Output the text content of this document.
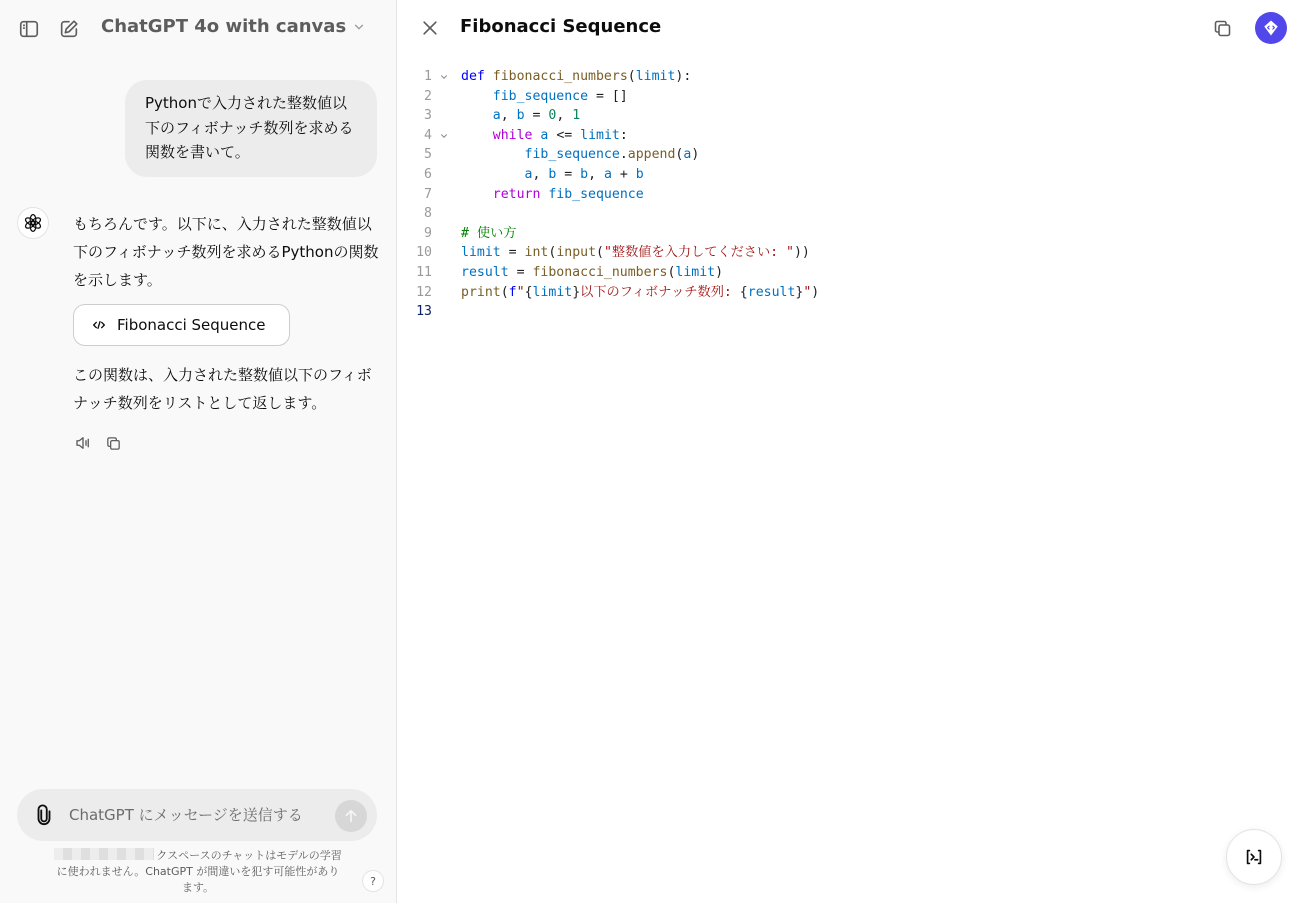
ChatGPT 4o with canvas
Pythonで入力された整数値以下のフィボナッチ数列を求める関数を書いて。
もちろんです。以下に、入力された整数値以下のフィボナッチ数列を求めるPythonの関数を示します。
Fibonacci Sequence
この関数は、入力された整数値以下のフィボナッチ数列をリストとして返します。
ChatGPT にメッセージを送信する
クスペースのチャットはモデルの学習に使われません。ChatGPT が間違いを犯す可能性があります。	?
Fibonacci Sequence
1 def fibonacci_numbers(limit):
2	fib_sequence = []
3	a, b = 0, 1
4	while a <= limit:
5	fib_sequence.append(a)
6	a, b = b, a + b
7	return fib_sequence
8
9 # 使い方
10 limit = int(input("整数値を入力してください: "))
11 result = fibonacci_numbers(limit)
12 print(f"{limit}以下のフィボナッチ数列: {result}")
13
